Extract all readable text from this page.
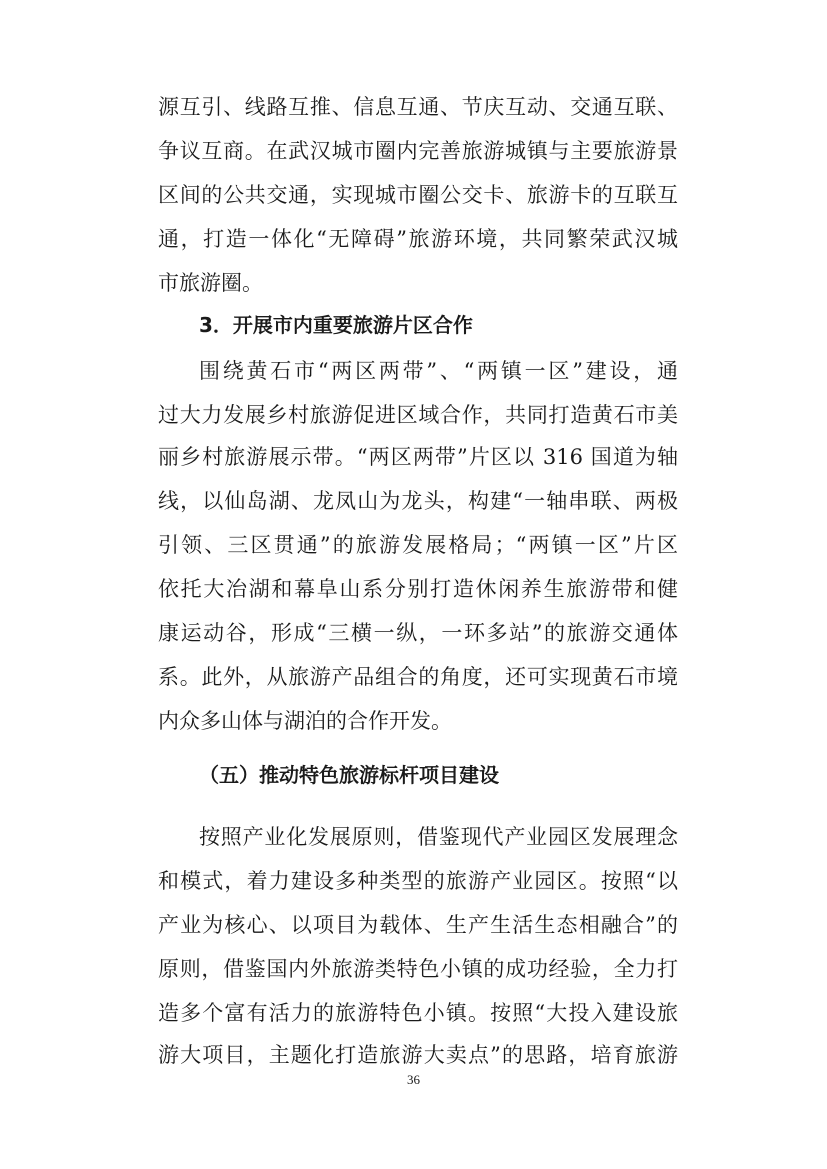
源互引、线路互推、信息互通、节庆互动、交通互联、
争议互商。在武汉城市圈内完善旅游城镇与主要旅游景
区间的公共交通，实现城市圈公交卡、旅游卡的互联互
通，打造一体化“无障碍”旅游环境，共同繁荣武汉城
市旅游圈。
3．开展市内重要旅游片区合作
围绕黄石市“两区两带”、“两镇一区”建设，通
过大力发展乡村旅游促进区域合作，共同打造黄石市美
丽乡村旅游展示带。“两区两带”片区以 316 国道为轴
线，以仙岛湖、龙凤山为龙头，构建“一轴串联、两极
引领、三区贯通”的旅游发展格局；“两镇一区”片区
依托大冶湖和幕阜山系分别打造休闲养生旅游带和健
康运动谷，形成“三横一纵，一环多站”的旅游交通体
系。此外，从旅游产品组合的角度，还可实现黄石市境
内众多山体与湖泊的合作开发。
（五）推动特色旅游标杆项目建设
按照产业化发展原则，借鉴现代产业园区发展理念
和模式，着力建设多种类型的旅游产业园区。按照“以
产业为核心、以项目为载体、生产生活生态相融合”的
原则，借鉴国内外旅游类特色小镇的成功经验，全力打
造多个富有活力的旅游特色小镇。按照“大投入建设旅
游大项目，主题化打造旅游大卖点”的思路，培育旅游
36
